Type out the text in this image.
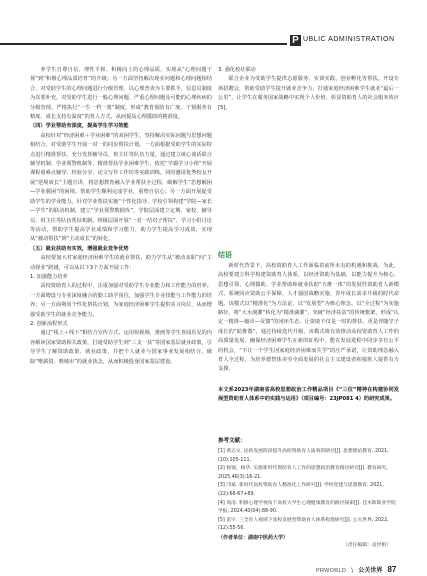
P UBLIC ADMINISTRATION

养学生自尊自信、理性平和、积极向上的心理品质，实现从“心理问题干预”到“积极心理品质培育”的升级；另一方面坚持解决现实问题和心理问题相结合，对受助学生的心理问题进行分级管理。以心理普查为主要抓手，信息员制度为次要补充，对受助学生进行一般心理问题、严重心理问题及可能的心理疾病的分级管理，严格执行“一生一档一策”制度，形成“教育预防有广度、干预服务有精度、成长支持有温度”的育人方式，从而提高心理援助的精准度。

（四）学业帮助有深度，提高学生学习效能

高校针对“经济困难＋学业困难”的双困学生，坚持解决实际问题与思想问题相结合，对受助学生开展一对一的同步帮扶计划。一方面根据受助学生的实际特点进行精准帮扶，充分发挥辅导员、班主任等队伍力量。通过建立谈心谈话联合辅导机制、学业预警机制等，精准帮扶学业困难学生，依托“学霸学习小组”开展课程重难点辅导、经验分享，论文写作工作坊等实践训练，同时邀请优秀校友开展“逆境成长”主题宣讲，将思想教育融入学业帮扶全过程，破解学生“思想解困—学业脱困”的困境。帮助学生顺利完成学业，重塑自信心；另一方面开展促受助学生的学业能力。针对学业帮扶实施“个性化指导、学校引领构建“学院—家长—学生”的联动机制，建立“学业预警数据库”，学院层面建立定期、家校、辅导员、班主任等队伍帮扶机制。班级层面开展“一对一结对子帮扶”、学习小组讨论等活动，帮助学生提高学业成绩和学习能力，助力学生提高学习成效，实现从“被动帮扶”到“主动成长”的转化。

（五）就业扶助有实效，增强就业竞争优势

高校要加大对家庭经济困难学生的就业帮扶，助力学生从“被动求职”向“主动择业”跨越，可以从以下3个方面开展工作：

1. 加强能力培养

高校资助育人的过程中，注重加强对受助学生专业能力和工作能力的培养。一方面增设与专业深度融合的勤工助学岗位，加强学生专业技能与工作能力的培养；另一方面利用个性化帮扶计划，为家庭经济困难学生提供实习岗位，从而增强受助学生的就业竞争能力。

2. 创新流程形式

通过“线上＋线下”相结合宣传方式，运用短视频、推画等学生喜闻乐见的内容解读国家资助相关政策，打通受助学生到“三支一扶”等国家基层就业政策，引导学生了解资助政策、就业政策，并把个人就业与国家事业发展相结合，破除“唯薪资、唯城市”的就业执念，从而积极投身国家基层建设。

3. 强化校社联动

联合企业为受助学生提供志愿服务、实训实践、创业孵化等帮扶。开设专场招聘会，帮助受助学生提升就业竞争力，打通家庭经济困难学生就业“最后一公里”，让学生在服务国家战略中实现个人价值、彰显资助育人的社会服务效应[5]。

结语

新时代背景下，高校资助育人工作面临着前所未有的机遇和挑战。为此，高校要建立科学构建资助育人体系，以经济资助为基础，以能力提升为核心、思想引领、心理援助、学业帮助和就业扶助“五维一体”的发展性资助育人新模式，系统回应资助公平保障、人才强国战略实施、青年成长需求升级的时代命题。该模式以“精准化”为方法论、以“发展型”为核心理念，以“全过程”为实施路径，将“大水漫灌”转化为“精准滴灌”，突破“经济扶贫”的传统框架，形成“认定一精准—输出—反馈”的闭环生态。让资助不仅是一时的帮扶，更是伴随学子成长的“助推器”，通过持续迭代升级，该模式将有效推动高校资助育人工作的高质量发展，确保经济困难学生在新的征程中，能在发展进程中同步享有公平的机会，“不让一个学生因家庭经济困难而失学”的庄严承诺，让资助理念融入育人全过程，为培养德智体美劳全面发展的社会主义建设者和接班人提供有力支撑。

本文系2023年湖南省高校思想政治工作精品项目《“三位”精神在构建协同发展型资助育人体系中的实践与运用》（项目编号：23JP081 4）的研究成果。
参考文献：
[1] 黄志文. 论新发展阶段提升高校资助育人质效的路径[J]. 思想理论教育, 2021,(10):105-111.
[2] 杨锦，杨华. 实施新时代资助育人工作的思想政治教育路径研究[J]. 教育研究, 2025,46(3):16-21.
[3] 邝斌. 新时代高校资助育人精准化工作研究[J]. 学校党建与思想教育, 2021,(22):66-67+89.
[4] 周清. 积极心理学视角下高校大学生心理健康教育的路径探索[J]. 佳木斯职业学院学报, 2024,40(04):88-90.
[5] 雷宇. 三全育人视域下高校发展型资助育人体系构建研究[J]. 公关世界, 2022,(12):55-56.
（作者单位：湖南中医药大学）
（责任编辑：袁世娟）
PRWORLD \ 公关世界 87
